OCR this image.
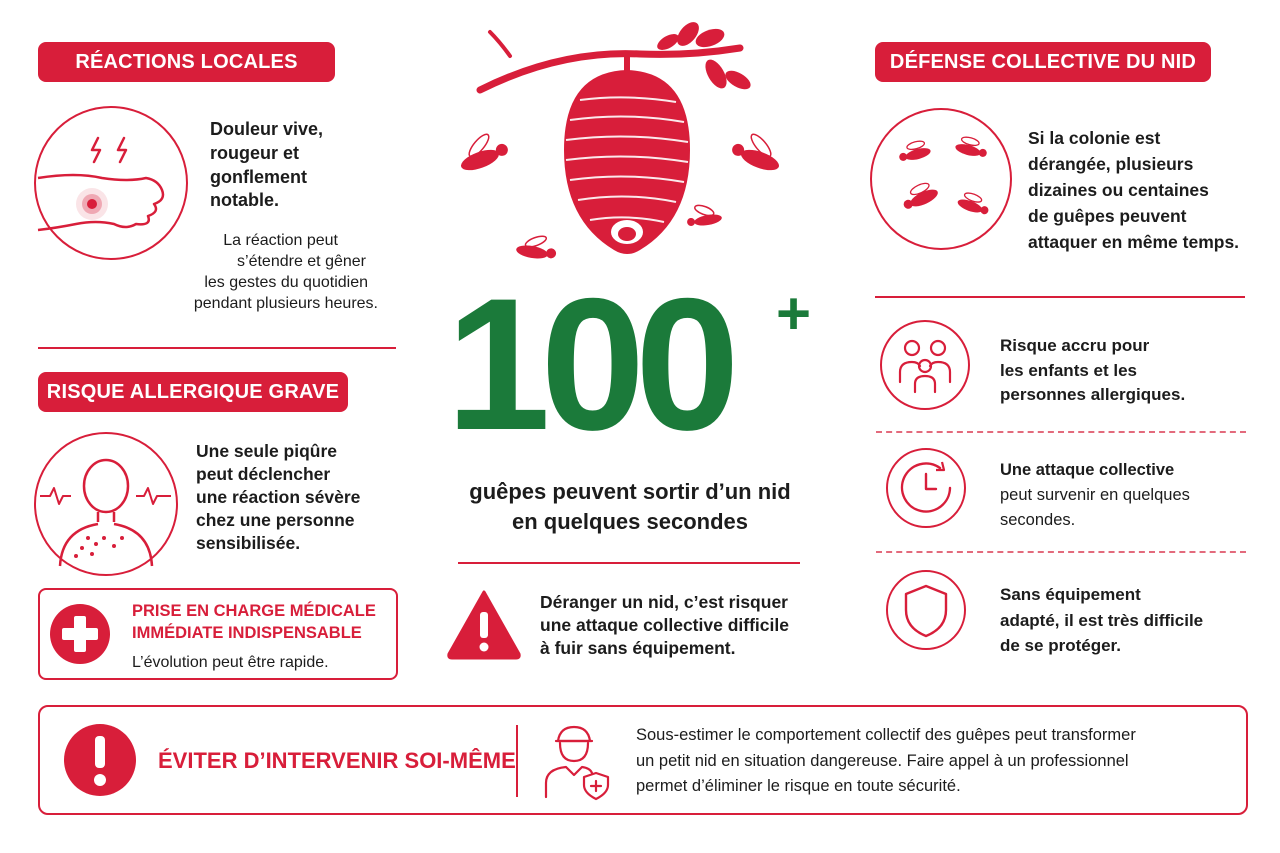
RÉACTIONS LOCALES
Douleur vive,
rougeur et
gonflement
notable.
La réaction peut
s’étendre et gêner
les gestes du quotidien
pendant plusieurs heures.
RISQUE ALLERGIQUE GRAVE
Une seule piqûre
peut déclencher
une réaction sévère
chez une personne
sensibilisée.
PRISE EN CHARGE MÉDICALE
IMMÉDIATE INDISPENSABLE
L’évolution peut être rapide.
100 +
guêpes peuvent sortir d’un nid
en quelques secondes
Déranger un nid, c’est risquer
une attaque collective difficile
à fuir sans équipement.
DÉFENSE COLLECTIVE DU NID
Si la colonie est
dérangée, plusieurs
dizaines ou centaines
de guêpes peuvent
attaquer en même temps.
Risque accru pour
les enfants et les
personnes allergiques.
Une attaque collective
peut survenir en quelques
secondes.
Sans équipement
adapté, il est très difficile
de se protéger.
ÉVITER D’INTERVENIR SOI-MÊME
Sous-estimer le comportement collectif des guêpes peut transformer
un petit nid en situation dangereuse. Faire appel à un professionnel
permet d’éliminer le risque en toute sécurité.
